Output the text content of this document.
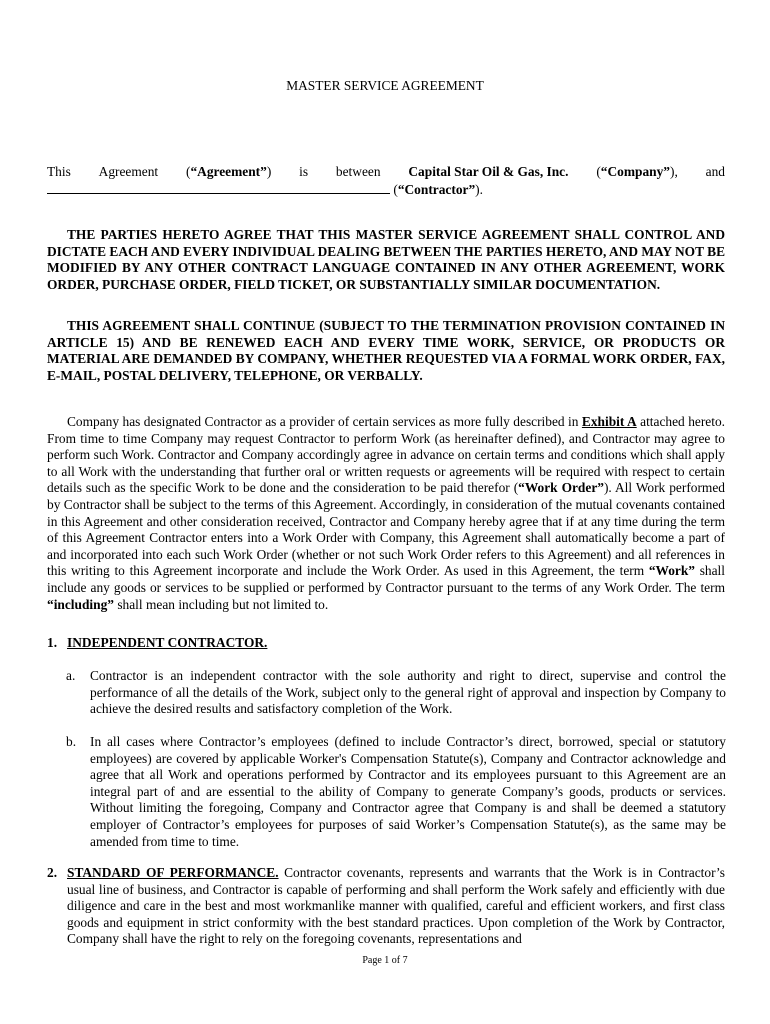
MASTER SERVICE AGREEMENT
This Agreement (“Agreement”) is between Capital Star Oil & Gas, Inc. (“Company”), and
(“Contractor”).
THE PARTIES HERETO AGREE THAT THIS MASTER SERVICE AGREEMENT SHALL CONTROL AND DICTATE EACH AND EVERY INDIVIDUAL DEALING BETWEEN THE PARTIES HERETO, AND MAY NOT BE MODIFIED BY ANY OTHER CONTRACT LANGUAGE CONTAINED IN ANY OTHER AGREEMENT, WORK ORDER, PURCHASE ORDER, FIELD TICKET, OR SUBSTANTIALLY SIMILAR DOCUMENTATION.
THIS AGREEMENT SHALL CONTINUE (SUBJECT TO THE TERMINATION PROVISION CONTAINED IN ARTICLE 15) AND BE RENEWED EACH AND EVERY TIME WORK, SERVICE, OR PRODUCTS OR MATERIAL ARE DEMANDED BY COMPANY, WHETHER REQUESTED VIA A FORMAL WORK ORDER, FAX, E-MAIL, POSTAL DELIVERY, TELEPHONE, OR VERBALLY.
Company has designated Contractor as a provider of certain services as more fully described in Exhibit A attached hereto. From time to time Company may request Contractor to perform Work (as hereinafter defined), and Contractor may agree to perform such Work. Contractor and Company accordingly agree in advance on certain terms and conditions which shall apply to all Work with the understanding that further oral or written requests or agreements will be required with respect to certain details such as the specific Work to be done and the consideration to be paid therefor (“Work Order”). All Work performed by Contractor shall be subject to the terms of this Agreement. Accordingly, in consideration of the mutual covenants contained in this Agreement and other consideration received, Contractor and Company hereby agree that if at any time during the term of this Agreement Contractor enters into a Work Order with Company, this Agreement shall automatically become a part of and incorporated into each such Work Order (whether or not such Work Order refers to this Agreement) and all references in this writing to this Agreement incorporate and include the Work Order. As used in this Agreement, the term “Work” shall include any goods or services to be supplied or performed by Contractor pursuant to the terms of any Work Order. The term “including” shall mean including but not limited to.
1. INDEPENDENT CONTRACTOR.
a. Contractor is an independent contractor with the sole authority and right to direct, supervise and control the performance of all the details of the Work, subject only to the general right of approval and inspection by Company to achieve the desired results and satisfactory completion of the Work.
b. In all cases where Contractor’s employees (defined to include Contractor’s direct, borrowed, special or statutory employees) are covered by applicable Worker's Compensation Statute(s), Company and Contractor acknowledge and agree that all Work and operations performed by Contractor and its employees pursuant to this Agreement are an integral part of and are essential to the ability of Company to generate Company’s goods, products or services. Without limiting the foregoing, Company and Contractor agree that Company is and shall be deemed a statutory employer of Contractor’s employees for purposes of said Worker’s Compensation Statute(s), as the same may be amended from time to time.
2. STANDARD OF PERFORMANCE. Contractor covenants, represents and warrants that the Work is in Contractor’s usual line of business, and Contractor is capable of performing and shall perform the Work safely and efficiently with due diligence and care in the best and most workmanlike manner with qualified, careful and efficient workers, and first class goods and equipment in strict conformity with the best standard practices. Upon completion of the Work by Contractor, Company shall have the right to rely on the foregoing covenants, representations and
Page 1 of 7
